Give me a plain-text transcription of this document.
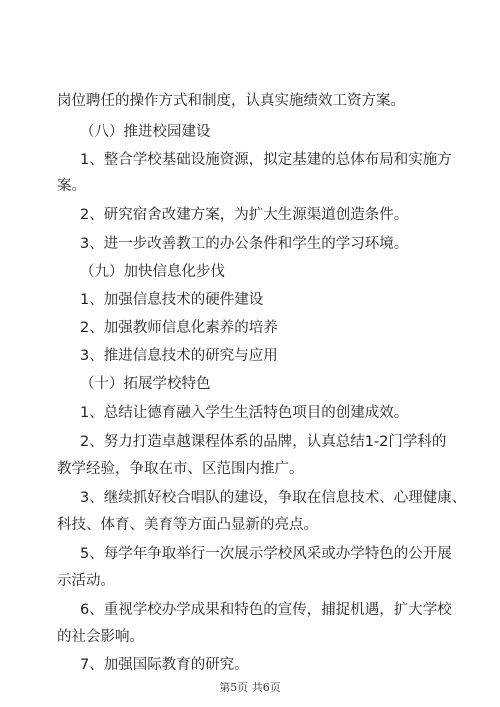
岗位聘任的操作方式和制度，认真实施绩效工资方案。
（八）推进校园建设
1、整合学校基础设施资源，拟定基建的总体布局和实施方
案。
2、研究宿舍改建方案，为扩大生源渠道创造条件。
3、进一步改善教工的办公条件和学生的学习环境。
（九）加快信息化步伐
1、加强信息技术的硬件建设
2、加强教师信息化素养的培养
3、推进信息技术的研究与应用
（十）拓展学校特色
1、总结让德育融入学生生活特色项目的创建成效。
2、努力打造卓越课程体系的品牌，认真总结1-2门学科的
教学经验，争取在市、区范围内推广。
3、继续抓好校合唱队的建设，争取在信息技术、心理健康、
科技、体育、美育等方面凸显新的亮点。
5、每学年争取举行一次展示学校风采或办学特色的公开展
示活动。
6、重视学校办学成果和特色的宣传，捕捉机遇，扩大学校
的社会影响。
7、加强国际教育的研究。
第5页 共6页
